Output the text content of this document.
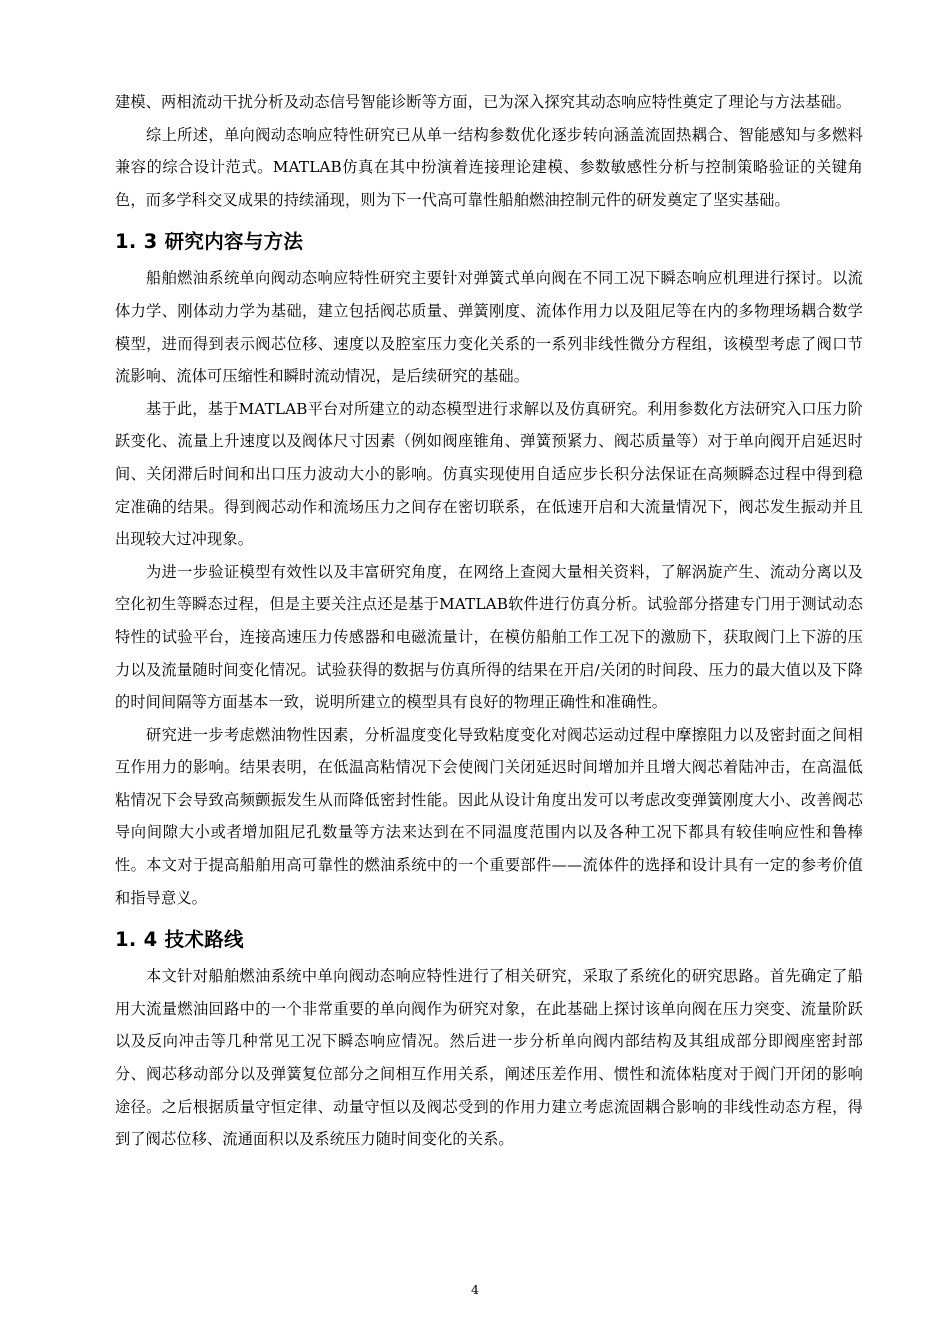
建模、两相流动干扰分析及动态信号智能诊断等方面，已为深入探究其动态响应特性奠定了理论与方法基础。

综上所述，单向阀动态响应特性研究已从单一结构参数优化逐步转向涵盖流固热耦合、智能感知与多燃料兼容的综合设计范式。MATLAB仿真在其中扮演着连接理论建模、参数敏感性分析与控制策略验证的关键角色，而多学科交叉成果的持续涌现，则为下一代高可靠性船舶燃油控制元件的研发奠定了坚实基础。

1. 3 研究内容与方法

船舶燃油系统单向阀动态响应特性研究主要针对弹簧式单向阀在不同工况下瞬态响应机理进行探讨。以流体力学、刚体动力学为基础，建立包括阀芯质量、弹簧刚度、流体作用力以及阻尼等在内的多物理场耦合数学模型，进而得到表示阀芯位移、速度以及腔室压力变化关系的一系列非线性微分方程组，该模型考虑了阀口节流影响、流体可压缩性和瞬时流动情况，是后续研究的基础。

基于此，基于MATLAB平台对所建立的动态模型进行求解以及仿真研究。利用参数化方法研究入口压力阶跃变化、流量上升速度以及阀体尺寸因素（例如阀座锥角、弹簧预紧力、阀芯质量等）对于单向阀开启延迟时间、关闭滞后时间和出口压力波动大小的影响。仿真实现使用自适应步长积分法保证在高频瞬态过程中得到稳定准确的结果。得到阀芯动作和流场压力之间存在密切联系，在低速开启和大流量情况下，阀芯发生振动并且出现较大过冲现象。

为进一步验证模型有效性以及丰富研究角度，在网络上查阅大量相关资料，了解涡旋产生、流动分离以及空化初生等瞬态过程，但是主要关注点还是基于MATLAB软件进行仿真分析。试验部分搭建专门用于测试动态特性的试验平台，连接高速压力传感器和电磁流量计，在模仿船舶工作工况下的激励下，获取阀门上下游的压力以及流量随时间变化情况。试验获得的数据与仿真所得的结果在开启/关闭的时间段、压力的最大值以及下降的时间间隔等方面基本一致，说明所建立的模型具有良好的物理正确性和准确性。

研究进一步考虑燃油物性因素，分析温度变化导致粘度变化对阀芯运动过程中摩擦阻力以及密封面之间相互作用力的影响。结果表明，在低温高粘情况下会使阀门关闭延迟时间增加并且增大阀芯着陆冲击，在高温低粘情况下会导致高频颤振发生从而降低密封性能。因此从设计角度出发可以考虑改变弹簧刚度大小、改善阀芯导向间隙大小或者增加阻尼孔数量等方法来达到在不同温度范围内以及各种工况下都具有较佳响应性和鲁棒性。本文对于提高船舶用高可靠性的燃油系统中的一个重要部件——流体件的选择和设计具有一定的参考价值和指导意义。

1. 4 技术路线

本文针对船舶燃油系统中单向阀动态响应特性进行了相关研究，采取了系统化的研究思路。首先确定了船用大流量燃油回路中的一个非常重要的单向阀作为研究对象，在此基础上探讨该单向阀在压力突变、流量阶跃以及反向冲击等几种常见工况下瞬态响应情况。然后进一步分析单向阀内部结构及其组成部分即阀座密封部分、阀芯移动部分以及弹簧复位部分之间相互作用关系，阐述压差作用、惯性和流体粘度对于阀门开闭的影响途径。之后根据质量守恒定律、动量守恒以及阀芯受到的作用力建立考虑流固耦合影响的非线性动态方程，得到了阀芯位移、流通面积以及系统压力随时间变化的关系。

4
